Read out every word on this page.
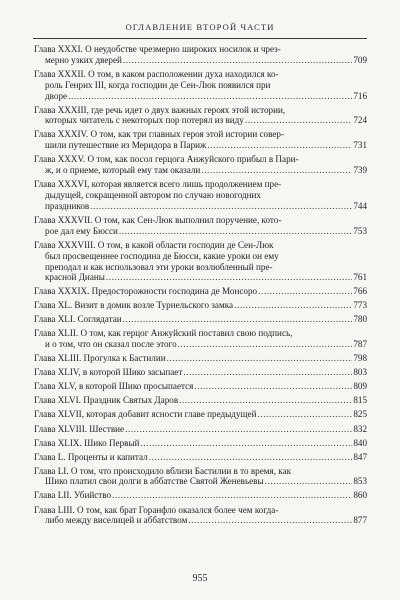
ОГЛАВЛЕНИЕ ВТОРОЙ ЧАСТИ
Глава XXXI. О неудобстве чрезмерно широких носилок и чрез-
мерно узких дверей .....	709
Глава XXXII. О том, в каком расположении духа находился ко-
роль Генрих III, когда господин де Сен-Люк появился при
дворе .....	716
Глава XXXIII, где речь идет о двух важных героях этой истории,
которых читатель с некоторых пор потерял из виду .....	724
Глава XXXIV. О том, как три главных героя этой истории совер-
шили путешествие из Меридора в Париж .....	731
Глава XXXV. О том, как посол герцога Анжуйского прибыл в Пари-
ж, и о приеме, который ему там оказали .....	739
Глава XXXVI, которая является всего лишь продолжением пре-
дыдущей, сокращенной автором по случаю новогодних
праздников .....	744
Глава XXXVII. О том, как Сен-Люк выполнил поручение, кото-
рое дал ему Бюсси .....	753
Глава XXXVIII. О том, в какой области господин де Сен-Люк
был просвещеннее господина де Бюсси, какие уроки он ему
преподал и как использовал эти уроки возлюбленный пре-
красной Дианы .....	761
Глава XXXIX. Предосторожности господина де Монсоро .....	766
Глава XL. Визит в домик возле Турнельского замка .....	773
Глава XLI. Соглядатаи .....	780
Глава XLII. О том, как герцог Анжуйский поставил свою подпись,
и о том, что он сказал после этого .....	787
Глава XLIII. Прогулка к Бастилии .....	798
Глава XLIV, в которой Шико засыпает .....	803
Глава XLV, в которой Шико просыпается .....	809
Глава XLVI. Праздник Святых Даров .....	815
Глава XLVII, которая добавит ясности главе предыдущей .....	825
Глава XLVIII. Шествие .....	832
Глава XLIX. Шико Первый .....	840
Глава L. Проценты и капитал .....	847
Глава LI. О том, что происходило вблизи Бастилии в то время, как
Шико платил свои долги в аббатстве Святой Женевьевы .....	853
Глава LII. Убийство .....	860
Глава LIII. О том, как брат Горанфло оказался более чем когда-
либо между виселицей и аббатством .....	877
955
